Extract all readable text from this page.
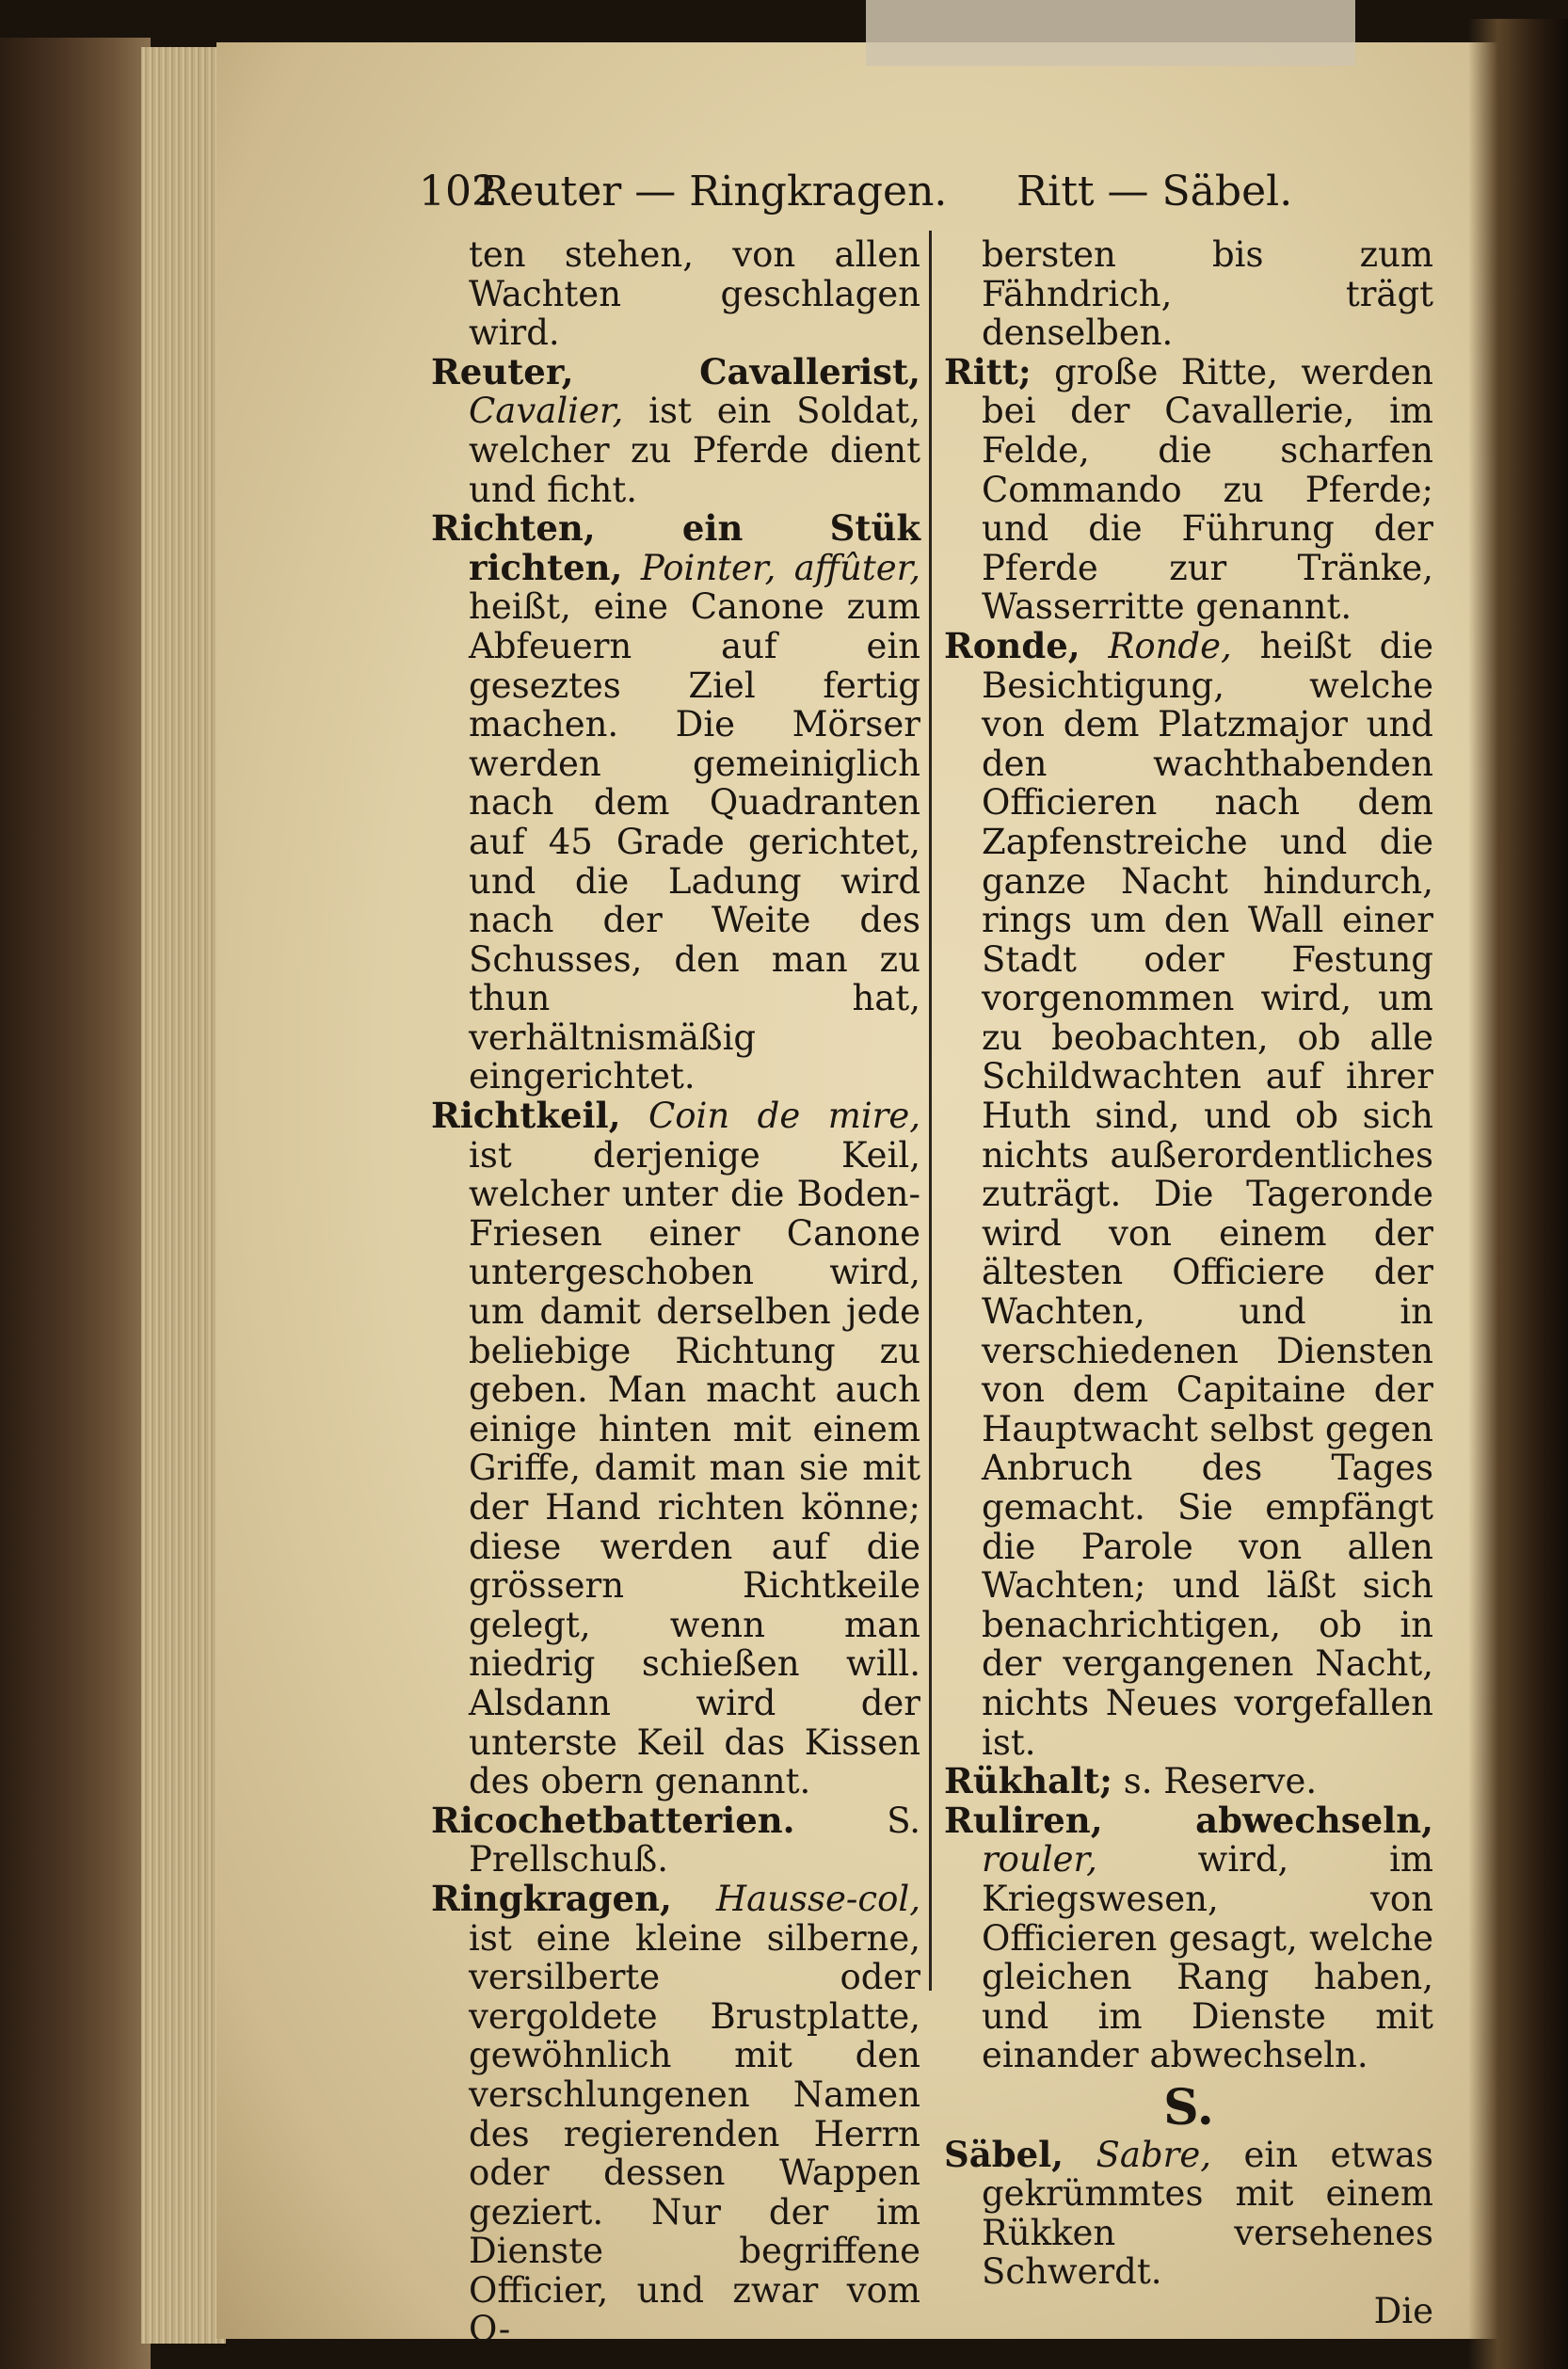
102
Reuter — Ringkragen. Ritt — Säbel.

ten stehen, von allen Wachten geschlagen wird.

Reuter, Cavallerist, Cavalier, ist ein Soldat, welcher zu Pferde dient und ficht.

Richten, ein Stük richten, Pointer, affûter, heißt, eine Canone zum Abfeuern auf ein geseztes Ziel fertig machen. Die Mörser werden gemeiniglich nach dem Quadranten auf 45 Grade gerichtet, und die Ladung wird nach der Weite des Schusses, den man zu thun hat, verhältnismäßig eingerichtet.

Richtkeil, Coin de mire, ist derjenige Keil, welcher unter die Boden-Friesen einer Canone untergeschoben wird, um damit derselben jede beliebige Richtung zu geben. Man macht auch einige hinten mit einem Griffe, damit man sie mit der Hand richten könne; diese werden auf die grössern Richtkeile gelegt, wenn man niedrig schießen will. Alsdann wird der unterste Keil das Kissen des obern genannt.

Ricochetbatterien.	S. Prellschuß.

Ringkragen, Hausse-col, ist eine kleine silberne, versilberte oder vergoldete Brustplatte, gewöhnlich mit den verschlungenen Namen des regierenden Herrn oder dessen Wappen geziert. Nur der im Dienste begriffene Officier, und zwar vom O-

bersten bis zum Fähndrich, trägt denselben.

Ritt; große Ritte, werden bei der Cavallerie, im Felde, die scharfen Commando zu Pferde; und die Führung der Pferde zur Tränke, Wasserritte genannt.

Ronde, Ronde, heißt die Besichtigung, welche von dem Platzmajor und den wachthabenden Officieren nach dem Zapfenstreiche und die ganze Nacht hindurch, rings um den Wall einer Stadt oder Festung vorgenommen wird, um zu beobachten, ob alle Schildwachten auf ihrer Huth sind, und ob sich nichts außerordentliches zuträgt. Die Tageronde wird von einem der ältesten Officiere der Wachten, und in verschiedenen Diensten von dem Capitaine der Hauptwacht selbst gegen Anbruch des Tages gemacht. Sie empfängt die Parole von allen Wachten; und läßt sich benachrichtigen, ob in der vergangenen Nacht, nichts Neues vorgefallen ist.

Rükhalt; s. Reserve.

Ruliren, abwechseln, rouler,	wird, im Kriegswesen, von Officieren gesagt, welche gleichen Rang haben, und im Dienste mit einander abwechseln.

S.

Säbel, Sabre, ein etwas gekrümmtes mit einem Rükken versehenes Schwerdt.

Die
